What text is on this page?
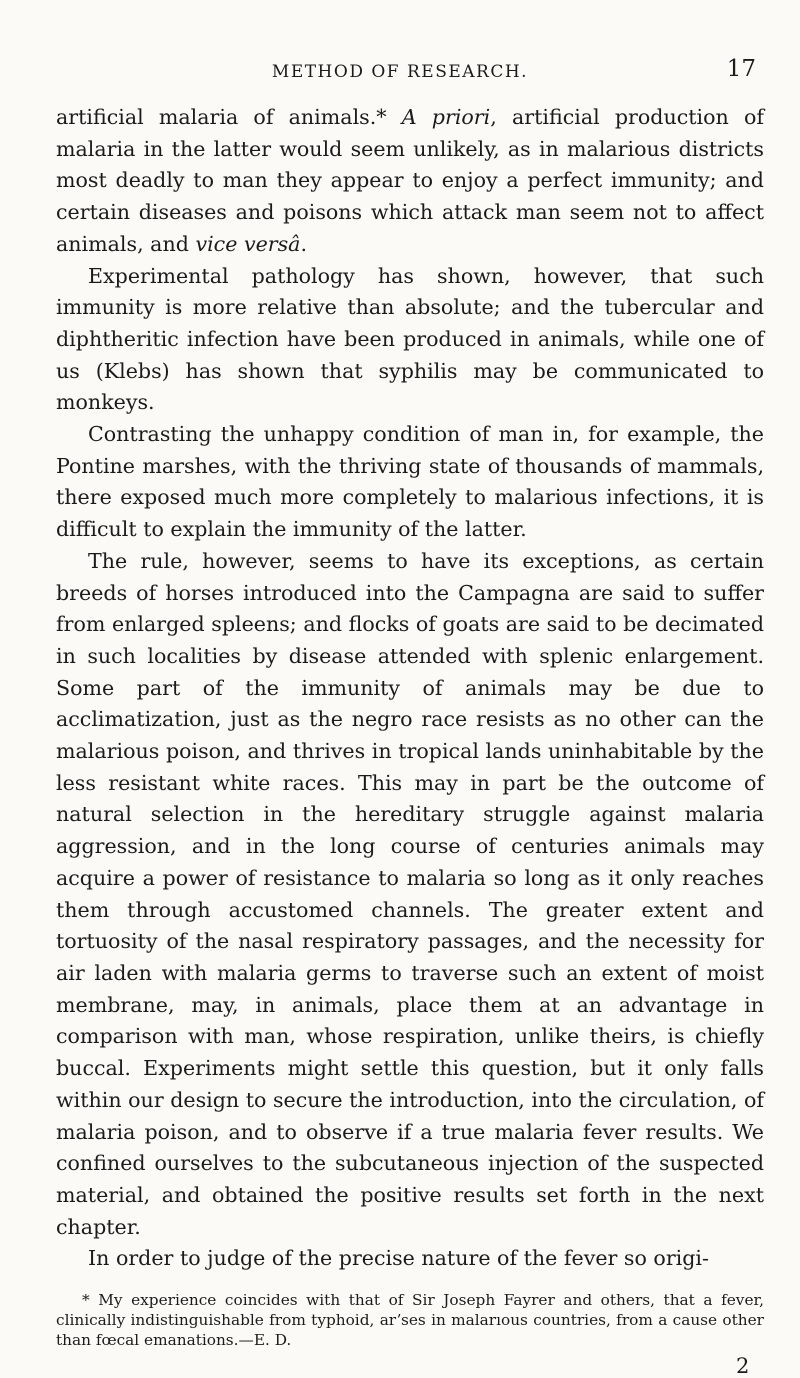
METHOD OF RESEARCH.	17

artificial malaria of animals.* A priori, artificial production of malaria in the latter would seem unlikely, as in malarious districts most deadly to man they appear to enjoy a perfect immunity; and certain diseases and poisons which attack man seem not to affect animals, and vice versâ.

Experimental pathology has shown, however, that such immunity is more relative than absolute; and the tubercular and diphtheritic infection have been produced in animals, while one of us (Klebs) has shown that syphilis may be communicated to monkeys.

Contrasting the unhappy condition of man in, for example, the Pontine marshes, with the thriving state of thousands of mammals, there exposed much more completely to malarious infections, it is difficult to explain the immunity of the latter.

The rule, however, seems to have its exceptions, as certain breeds of horses introduced into the Campagna are said to suffer from enlarged spleens; and flocks of goats are said to be decimated in such localities by disease attended with splenic enlargement. Some part of the immunity of animals may be due to acclimatization, just as the negro race resists as no other can the malarious poison, and thrives in tropical lands uninhabitable by the less resistant white races. This may in part be the outcome of natural selection in the hereditary struggle against malaria aggression, and in the long course of centuries animals may acquire a power of resistance to malaria so long as it only reaches them through accustomed channels. The greater extent and tortuosity of the nasal respiratory passages, and the necessity for air laden with malaria germs to traverse such an extent of moist membrane, may, in animals, place them at an advantage in comparison with man, whose respiration, unlike theirs, is chiefly buccal. Experiments might settle this question, but it only falls within our design to secure the introduction, into the circulation, of malaria poison, and to observe if a true malaria fever results. We confined ourselves to the subcutaneous injection of the suspected material, and obtained the positive results set forth in the next chapter.

In order to judge of the precise nature of the fever so origi-

* My experience coincides with that of Sir Joseph Fayrer and others, that a fever, clinically indistinguishable from typhoid, arʼses in malarıous countries, from a cause other than fœcal emanations.—E. D.
2
